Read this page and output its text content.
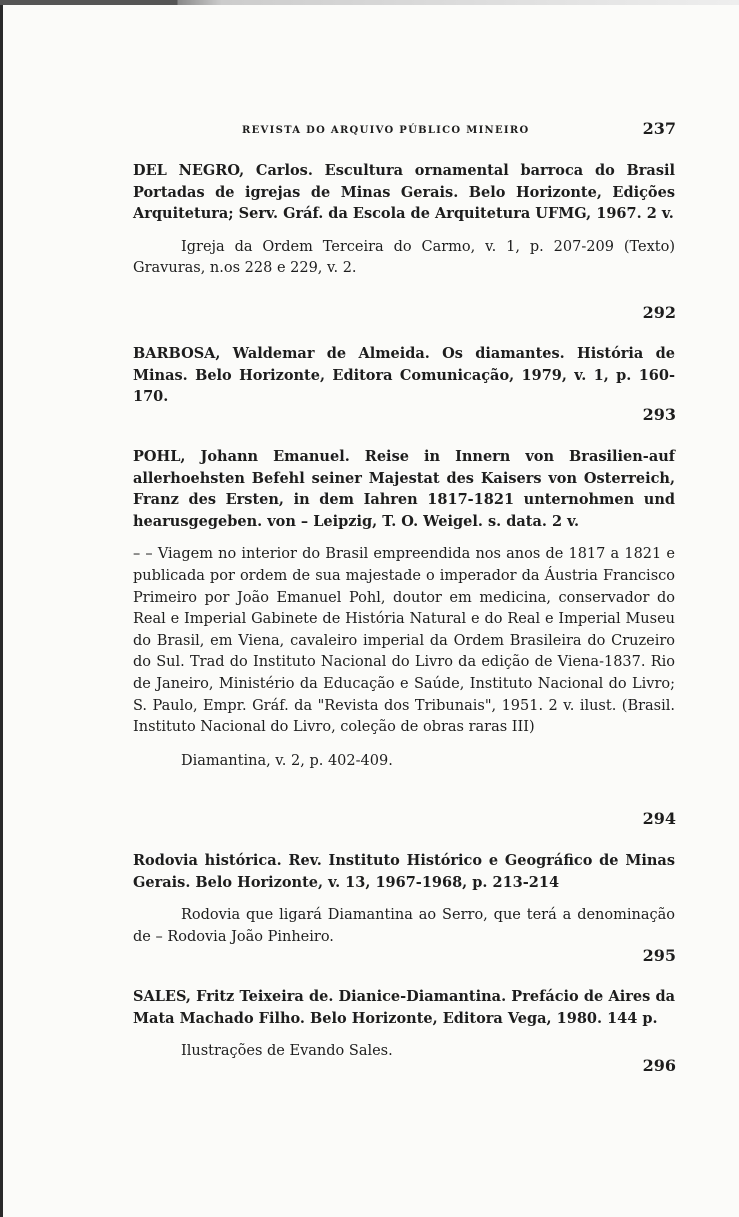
REVISTA DO ARQUIVO PÚBLICO MINEIRO	237

DEL NEGRO, Carlos. Escultura ornamental barroca do Brasil Portadas de igrejas de Minas Gerais. Belo Horizonte, Edições Arquitetura; Serv. Gráf. da Escola de Arquitetura UFMG, 1967. 2 v.

Igreja da Ordem Terceira do Carmo, v. 1, p. 207-209 (Texto) Gravuras, n.os 228 e 229, v. 2.

292

BARBOSA, Waldemar de Almeida. Os diamantes. História de Minas. Belo Horizonte, Editora Comunicação, 1979, v. 1, p. 160-170.

293

POHL, Johann Emanuel. Reise in Innern von Brasilien-auf allerhoehsten Befehl seiner Majestat des Kaisers von Osterreich, Franz des Ersten, in dem Iahren 1817-1821 unternohmen und hearusgegeben. von – Leipzig, T. O. Weigel. s. data. 2 v.

– – Viagem no interior do Brasil empreendida nos anos de 1817 a 1821 e publicada por ordem de sua majestade o imperador da Áustria Francisco Primeiro por João Emanuel Pohl, doutor em medicina, conservador do Real e Imperial Gabinete de História Natural e do Real e Imperial Museu do Brasil, em Viena, cavaleiro imperial da Ordem Brasileira do Cruzeiro do Sul. Trad do Instituto Nacional do Livro da edição de Viena-1837. Rio de Janeiro, Ministério da Educação e Saúde, Instituto Nacional do Livro; S. Paulo, Empr. Gráf. da "Revista dos Tribunais", 1951. 2 v. ilust. (Brasil. Instituto Nacional do Livro, coleção de obras raras III)

Diamantina, v. 2, p. 402-409.

294

Rodovia histórica. Rev. Instituto Histórico e Geográfico de Minas Gerais. Belo Horizonte, v. 13, 1967-1968, p. 213-214

Rodovia que ligará Diamantina ao Serro, que terá a denominação de – Rodovia João Pinheiro.

295

SALES, Fritz Teixeira de. Dianice-Diamantina. Prefácio de Aires da Mata Machado Filho. Belo Horizonte, Editora Vega, 1980. 144 p.

Ilustrações de Evando Sales.

296
